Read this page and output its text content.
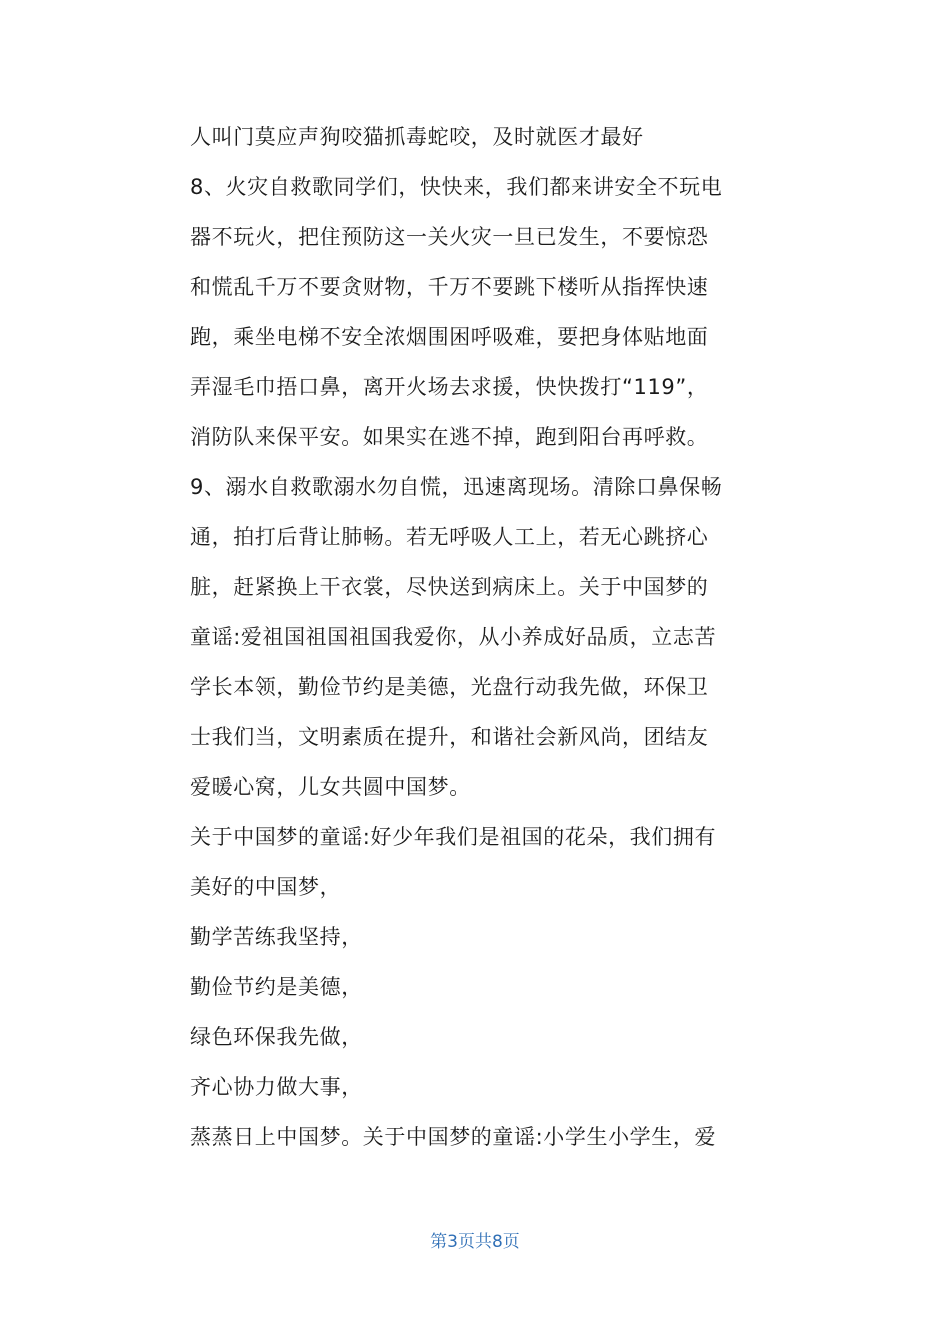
人叫门莫应声狗咬猫抓毒蛇咬，及时就医才最好
8、火灾自救歌同学们，快快来，我们都来讲安全不玩电
器不玩火，把住预防这一关火灾一旦已发生，不要惊恐
和慌乱千万不要贪财物，千万不要跳下楼听从指挥快速
跑，乘坐电梯不安全浓烟围困呼吸难，要把身体贴地面
弄湿毛巾捂口鼻，离开火场去求援，快快拨打“119”，
消防队来保平安。如果实在逃不掉，跑到阳台再呼救。
9、溺水自救歌溺水勿自慌，迅速离现场。清除口鼻保畅
通，拍打后背让肺畅。若无呼吸人工上，若无心跳挤心
脏，赶紧换上干衣裳，尽快送到病床上。关于中国梦的
童谣:爱祖国祖国祖国我爱你，从小养成好品质，立志苦
学长本领，勤俭节约是美德，光盘行动我先做，环保卫
士我们当，文明素质在提升，和谐社会新风尚，团结友
爱暖心窝，儿女共圆中国梦。
关于中国梦的童谣:好少年我们是祖国的花朵，我们拥有
美好的中国梦，
勤学苦练我坚持，
勤俭节约是美德，
绿色环保我先做，
齐心协力做大事，
蒸蒸日上中国梦。关于中国梦的童谣:小学生小学生，爱
第3页共8页
